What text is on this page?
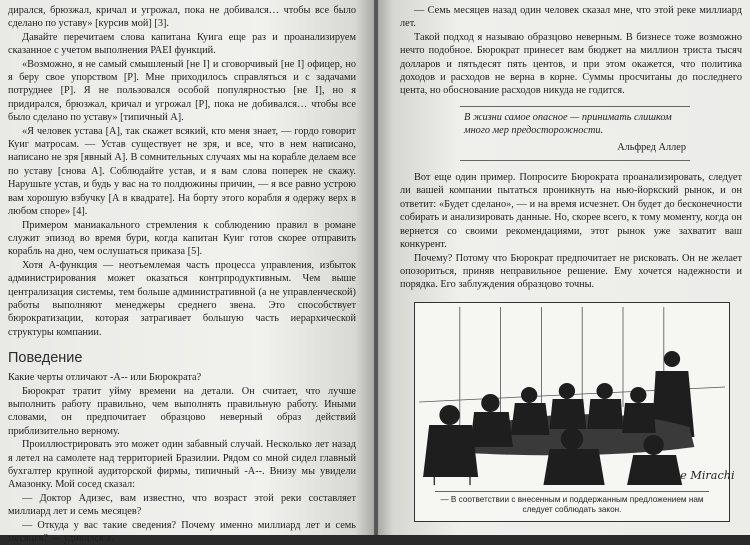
диралcя, брюзжал, кричал и угрожал, пока не добивался… чтобы все было сделано по уставу» [курсив мой] [3].

Давайте перечитаем слова капитана Куига еще раз и проанализируем сказанное с учетом выполнения РАЕI функций.

«Возможно, я не самый смышленый [не I] и сговорчивый [не I] офицер, но я беру свое упорством [P]. Мне приходилось справляться и с задачами потруднее [P]. Я не пользовался особой популярностью [не I], но я придиралcя, брюзжал, кричал и угрожал [P], пока не добивался… чтобы все было сделано по уставу» [типичный А].

«Я человек устава [А], так скажет всякий, кто меня знает, — гордо говорит Куиг матросам. — Устав существует не зря, и все, что в нем написано, написано не зря [явный А]. В сомнительных случаях мы на корабле делаем все по уставу [снова А]. Соблюдайте устав, и я вам слова поперек не скажу. Нарушьте устав, и будь у вас на то полдюжины причин, — я все равно устрою вам хорошую взбучку [А в квадрате]. На борту этого корабля я одержу верх в любом споре» [4].

Примером маниакального стремления к соблюдению правил в романе служит эпизод во время бури, когда капитан Куиг готов скорее отправить корабль на дно, чем ослушаться приказа [5].

Хотя А-функция — неотъемлемая часть процесса управления, избыток администрирования может оказаться контрпродуктивным. Чем выше централизация системы, тем больше административной (а не управленческой) работы выполняют менеджеры среднего звена. Это способствует бюрократизации, которая затрагивает большую часть иерархической структуры компании.

Поведение

Какие черты отличают -А-- или Бюрократа?

Бюрократ тратит уйму времени на детали. Он считает, что лучше выполнить работу правильно, чем выполнять правильную работу. Иными словами, он предпочитает образцово неверный образ действий приблизительно верному.

Проиллюстрировать это может один забавный случай. Несколько лет назад я летел на самолете над территорией Бразилии. Рядом со мной сидел главный бухгалтер крупной аудиторской фирмы, типичный -А--. Внизу мы увидели Амазонку. Мой сосед сказал:

— Доктор Адизес, вам известно, что возраст этой реки составляет миллиард лет и семь месяцев?

— Откуда у вас такие сведения? Почему именно миллиард лет и семь месяцев? — удивился я.

— Семь месяцев назад один человек сказал мне, что этой реке миллиард лет.

Такой подход я называю образцово неверным. В бизнесе тоже возможно нечто подобное. Бюрократ принесет вам бюджет на миллион триста тысяч долларов и пятьдесят пять центов, и при этом окажется, что политика доходов и расходов не верна в корне. Суммы просчитаны до последнего цента, но обоснование расходов никуда не годится.

В жизни самое опасное — принимать слишком много мер предосторожности.

Альфред Аллер

Вот еще один пример. Попросите Бюрократа проанализировать, следует ли вашей компании пытаться проникнуть на нью-йоркский рынок, и он ответит: «Будет сделано», — и на время исчезнет. Он будет до бесконечности собирать и анализировать данные. Но, скорее всего, к тому моменту, когда он вернется со своими рекомендациями, этот рынок уже захватит ваш конкурент.

Почему? Потому что Бюрократ предпочитает не рисковать. Он не желает опозориться, приняв неправильное решение. Ему хочется надежности и порядка. Его заблуждения образцово точны.

Joe Mirachi
— В соответствии с внесенным и поддержанным предложением нам следует соблюдать закон.
